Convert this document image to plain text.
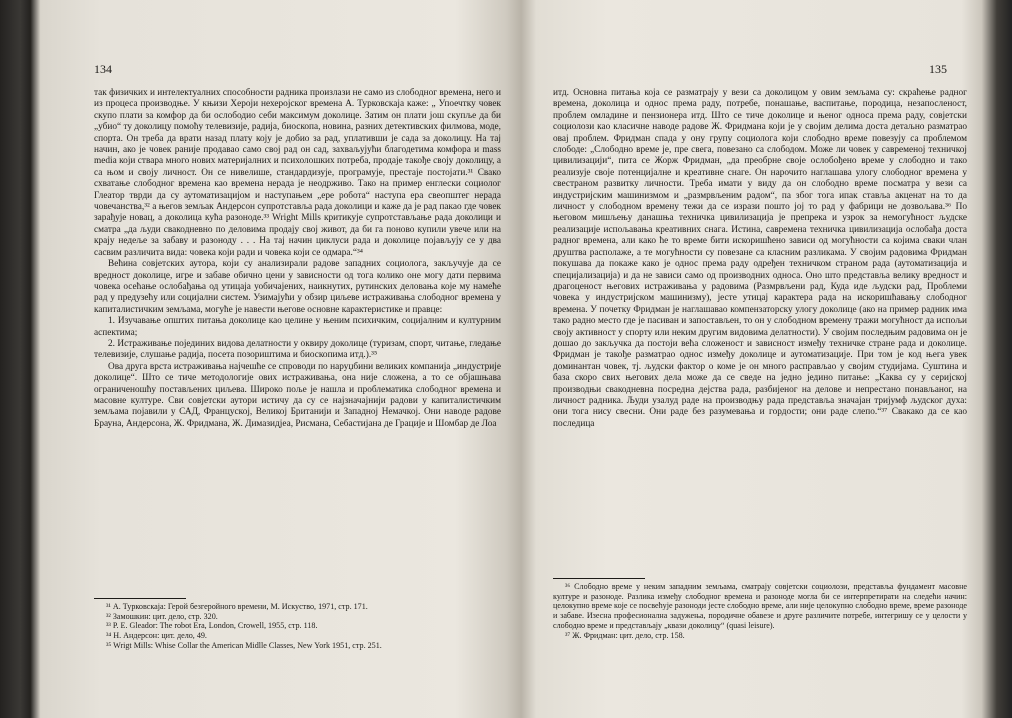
134

так физичких и интелектуалних способности радника произлази не само из слободног времена, него и из процеса производње. У књизи Хероји нехеројског времена А. Турковскаја каже: „ Упоечтку човек скупо плати за комфор да би ослободио себи максимум доколице. Затим он плати још скупље да би „убио“ ту доколицу помоћу телевизије, радија, биоскопа, новина, разних детективских филмова, моде, спорта. Он треба да врати назад плату коју је добио за рад, уплативши је сада за доколицу. На тај начин, ако је човек раније продавао само свој рад он сад, захваљујући благодетима комфора и mass media који ствара много нових материјалних и психолошких потреба, продаје такође своју доколицу, а са њом и своју личност. Он се нивелише, стандардизује, програмује, престаје постојати.³¹ Свако схватање слободног времена као времена нерада је неодрживо. Тако на пример енглески социолог Глеатор тврди да су аутоматизацијом и наступањем „ере робота“ наступа ера свеопштег нерада човечанства,³² а његов земљак Андерсон супротстављa рада доколици и каже да је рад пакао где човек зарађује новац, а доколица кућа разоноде.³³ Wright Mills критикује супротстављање рада доколици и сматра „да људи свакодневно по деловима продају свој живот, да би га поново купили увече или на крају недеље за забаву и разоноду . . . На тај начин циклуси рада и доколице појављују се у два сасвим различита вида: човека који ради и човека који се одмара.“³⁴

Већина совјетских аутора, који су анализирали радове западних социолога, закључује да се вредност доколице, игре и забаве обично цени у зависности од тога колико оне могу дати первима човека осећање ослобађања од утицаја уобичајених, наикнутих, рутинских деловања које му намеће рад у предузећу или социјални систем. Узимајући у обзир циљеве истраживања слободног времена у капиталистичким земљама, могуће је навести његове основне карактеристике и правце:

1. Изучавање општих питања доколице као целине у њеним психичким, социјалним и културним аспектима;

2. Истраживање појединих видова делатности у оквиру доколице (туризам, спорт, читање, гледање телевизије, слушање радија, посета позориштима и биоскопима итд.).³⁵

Ова друга врста истраживања најчешће се спроводи по наруџбини великих компанија „индустрије доколице“. Што се тиче методологије ових истраживања, она није сложена, а то се објашњава ограниченошћу постављених циљева. Широко поље је нашла и проблематика слободног времена и масовне културе. Сви совјетски аутори истичу да су се најзначајнији радови у капиталистичким земљама појавили у САД, Француској, Великој Британији и Западној Немачкој. Они наводе радове Брауна, Андерсона, Ж. Фридмана, Ж. Димазидјеа, Рисмана, Себастијана де Грације и Шомбар де Лоа

³¹ А. Турковскаја: Герой безгеройного времени, М. Искуство, 1971, стр. 171.

³² Замошкин: цит. дело, стр. 320.

³³ P. E. Gleador: The robot Era, London, Crowell, 1955, стр. 118.

³⁴ Н. Андерсон: цит. дело, 49.

³⁵ Wrigt Mills: Whise Collar the American Midlle Classes, New York 1951, стр. 251.

135

итд. Основна питања која се разматрају у вези са доколицом у овим земљама су: скраћење радног времена, доколица и однос према раду, потребе, понашање, васпитање, породица, незапосленост, проблем омладине и пензионера итд. Што се тиче доколице и њеног односа према раду, совјетски социолози као класичне наводе радове Ж. Фридмана који је у својим делима доста детаљно разматрао овај проблем. Фридман спада у ону групу социолога који слободно време повезују са проблемом слободе: „Слободно време је, пре свега, повезано са слободом. Може ли човек у савременој техничкој цивилизацији“, пита се Жорж Фридман, „да преобрне своје ослобођено време у слободно и тако реализује своје потенцијалне и креативне снаге. Он нарочито наглашава улогу слободног времена у свестраном развитку личности. Треба имати у виду да он слободно време посматра у вези са индустријским машинизмом и „размрвљеним радом“, па због тога ипак ставља акценат на то да личност у слободном времену тежи да се изрази пошто јој то рад у фабрици не дозвољава.³⁶ По његовом мишљењу данашња техничка цивилизација је препрека и узрок за немогућност људске реализације испољавања креативних снага. Истина, савремена техничка цивилизација ослобађа доста радног времена, али како ће то време бити искоришћено зависи од могућности са којима сваки члан друштва располаже, а те могућности су повезане са класним разликама. У својим радовима Фридман покушава да покаже како је однос према раду одређен техничком страном рада (аутоматизација и специјализација) и да не зависи само од производних односа. Оно што представља велику вредност и драгоценост његових истраживања у радовима (Размрвљени рад, Куда иде људски рад, Проблеми човека у индустријском машинизму), јесте утицај карактера рада на искоришћавању слободног времена. У почетку Фридман је наглашавао компензаторску улогу доколице (ако на пример радник има тако радно место где је пасиван и запостављен, то он у слободном времену тражи могућност да испољи своју активност у спорту или неким другим видовима делатности). У својим последњим радовима он је дошао до закључка да постоји већа сложеност и зависност између техничке стране рада и доколице. Фридман је такође разматрао однос између доколице и аутоматизације. При том је код њега увек доминантан човек, тј. људски фактор о коме је он много расправљао у својим студијама. Суштина и база скоро свих његових дела може да се сведе на једно једино питање: „Каква су у серијској производњи свакодневна посредна дејства рада, разбијеног на делове и непрестано понављаног, на личност радника. Људи узалуд раде на производњу рада представља значајан тријумф људског духа: они тога нису свесни. Они раде без разумевања и гордости; они раде слепо.“³⁷ Свакако да се као последица

³⁶ Слободно време у неким западним земљама, сматрају совјетски социолози, представља фундамент масовне културе и разоноде. Разлика између слободног времена и разоноде могла би се интерпретирати на следећи начин: целокупно време које се посвећује разоноди јесте слободно време, али није целокупно слободно време, време разоноде и забаве. Изесна професионална задужења, породичне обавезе и друге различите потребе, интегришу се у целости у слободно време и представљају „квази доколицу“ (quasi leisure).

³⁷ Ж. Фридман: цит. дело, стр. 158.
